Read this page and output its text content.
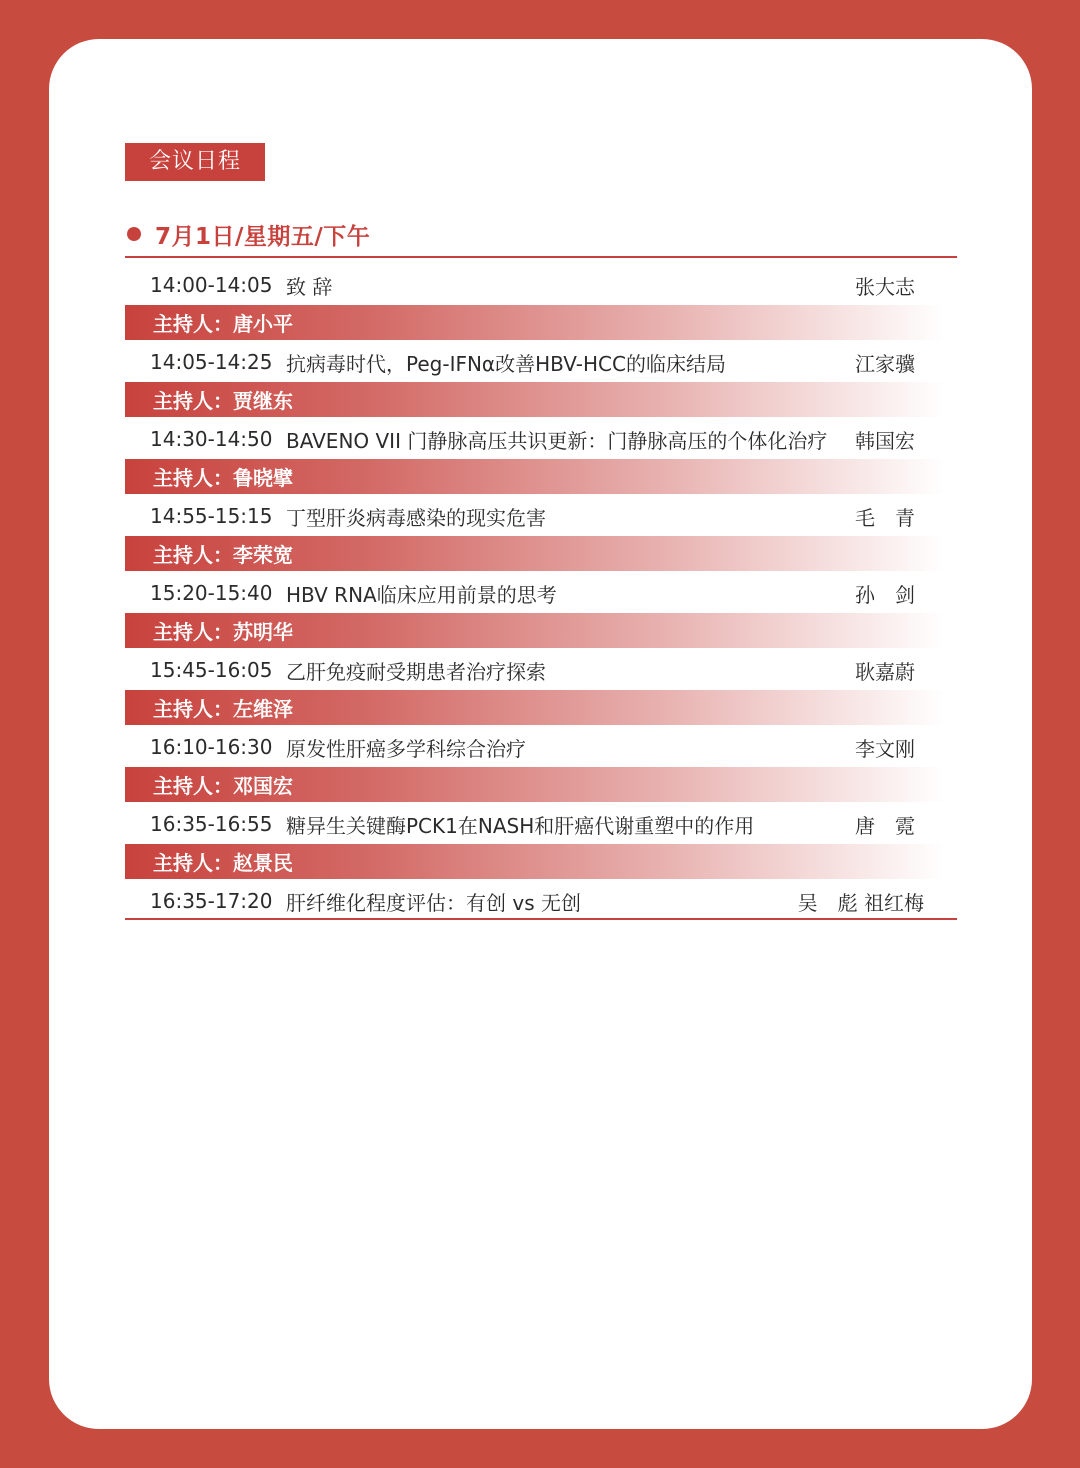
会议日程
7月1日/星期五/下午
14:00-14:05 致 辞	张大志
主持人：唐小平
14:05-14:25 抗病毒时代，Peg-IFNα改善HBV-HCC的临床结局	江家骥
主持人：贾继东
14:30-14:50 BAVENO VII 门静脉高压共识更新：门静脉高压的个体化治疗	韩国宏
主持人：鲁晓擘
14:55-15:15 丁型肝炎病毒感染的现实危害	毛　青
主持人：李荣宽
15:20-15:40 HBV RNA临床应用前景的思考	孙　剑
主持人：苏明华
15:45-16:05 乙肝免疫耐受期患者治疗探索	耿嘉蔚
主持人：左维泽
16:10-16:30 原发性肝癌多学科综合治疗	李文刚
主持人：邓国宏
16:35-16:55 糖异生关键酶PCK1在NASH和肝癌代谢重塑中的作用	唐　霓
主持人：赵景民
16:35-17:20 肝纤维化程度评估：有创 vs 无创	吴　彪 祖红梅
